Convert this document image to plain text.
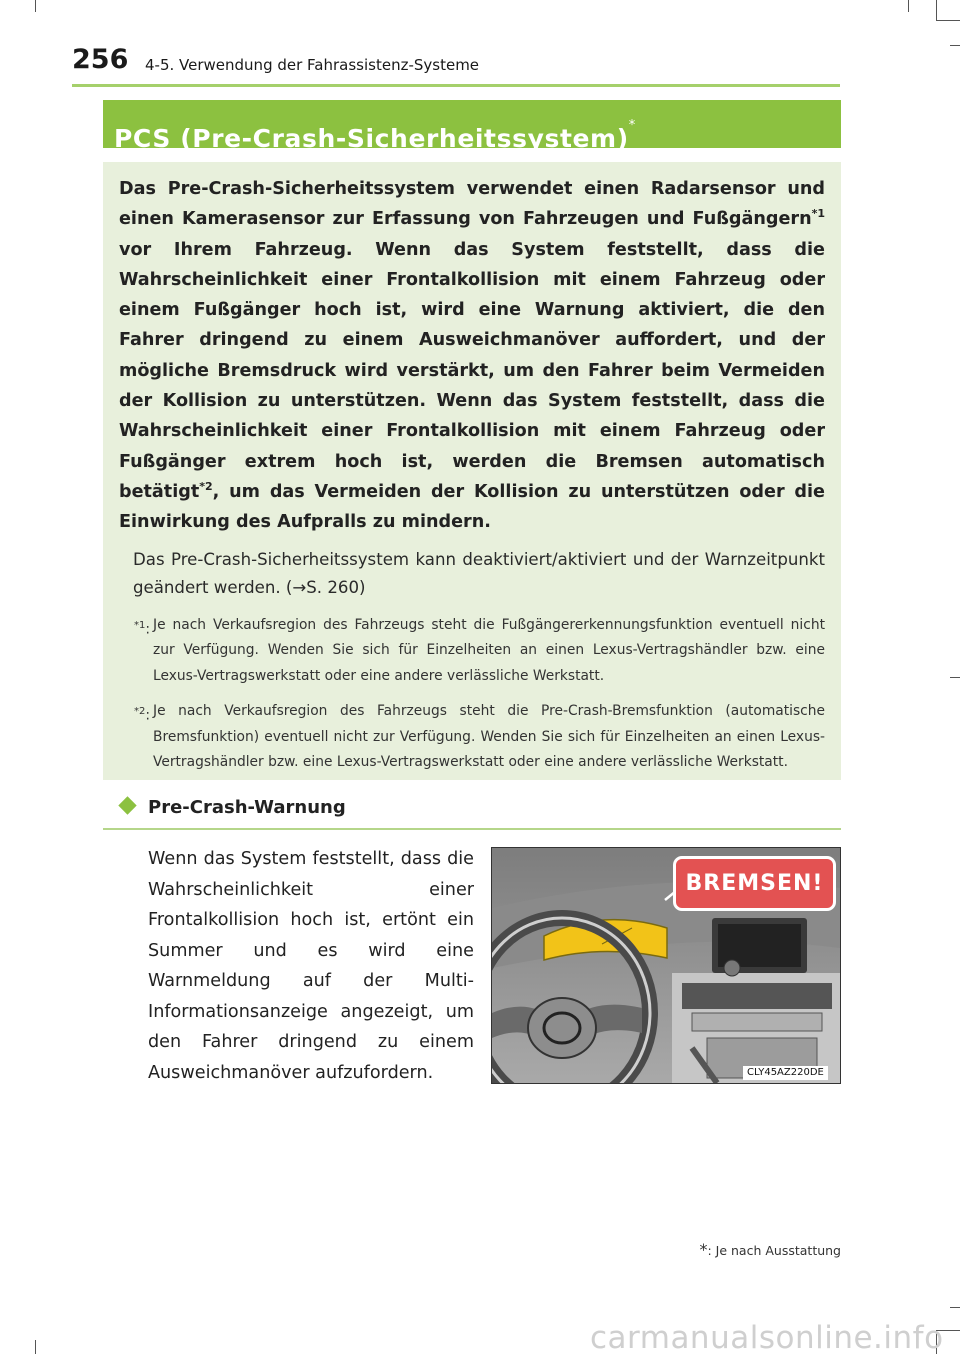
256 4-5. Verwendung der Fahrassistenz-Systeme
PCS (Pre-Crash-Sicherheitssystem)*
Das Pre-Crash-Sicherheitssystem verwendet einen Radarsensor und einen Kamerasensor zur Erfassung von Fahrzeugen und Fußgängern$^{*1}$ vor Ihrem Fahrzeug. Wenn das System feststellt, dass die Wahrscheinlichkeit einer Frontalkollision mit einem Fahrzeug oder einem Fußgänger hoch ist, wird eine Warnung aktiviert, die den Fahrer dringend zu einem Ausweichmanöver auffordert, und der mögliche Bremsdruck wird verstärkt, um den Fahrer beim Vermeiden der Kollision zu unterstützen. Wenn das System feststellt, dass die Wahrscheinlichkeit einer Frontalkollision mit einem Fahrzeug oder Fußgänger extrem hoch ist, werden die Bremsen automatisch betätigt$^{*2}$, um das Vermeiden der Kollision zu unterstützen oder die Einwirkung des Aufpralls zu mindern.
Das Pre-Crash-Sicherheitssystem kann deaktiviert/aktiviert und der Warnzeitpunkt geändert werden. (→S. 260)
$^{*1}$: Je nach Verkaufsregion des Fahrzeugs steht die Fußgängererkennungsfunktion eventuell nicht zur Verfügung. Wenden Sie sich für Einzelheiten an einen Lexus-Vertragshändler bzw. eine Lexus-Vertragswerkstatt oder eine andere verlässliche Werkstatt.
$^{*2}$: Je nach Verkaufsregion des Fahrzeugs steht die Pre-Crash-Bremsfunktion (automatische Bremsfunktion) eventuell nicht zur Verfügung. Wenden Sie sich für Einzelheiten an einen Lexus-Vertragshändler bzw. eine Lexus-Vertragswerkstatt oder eine andere verlässliche Werkstatt.
Pre-Crash-Warnung
Wenn das System feststellt, dass die Wahrscheinlichkeit einer Frontalkollision hoch ist, ertönt ein Summer und es wird eine Warnmeldung auf der Multi-Informationsanzeige angezeigt, um den Fahrer dringend zu einem Ausweichmanöver aufzufordern.
BREMSEN!
CLY45AZ220DE
*: Je nach Ausstattung
carmanualsonline.info
